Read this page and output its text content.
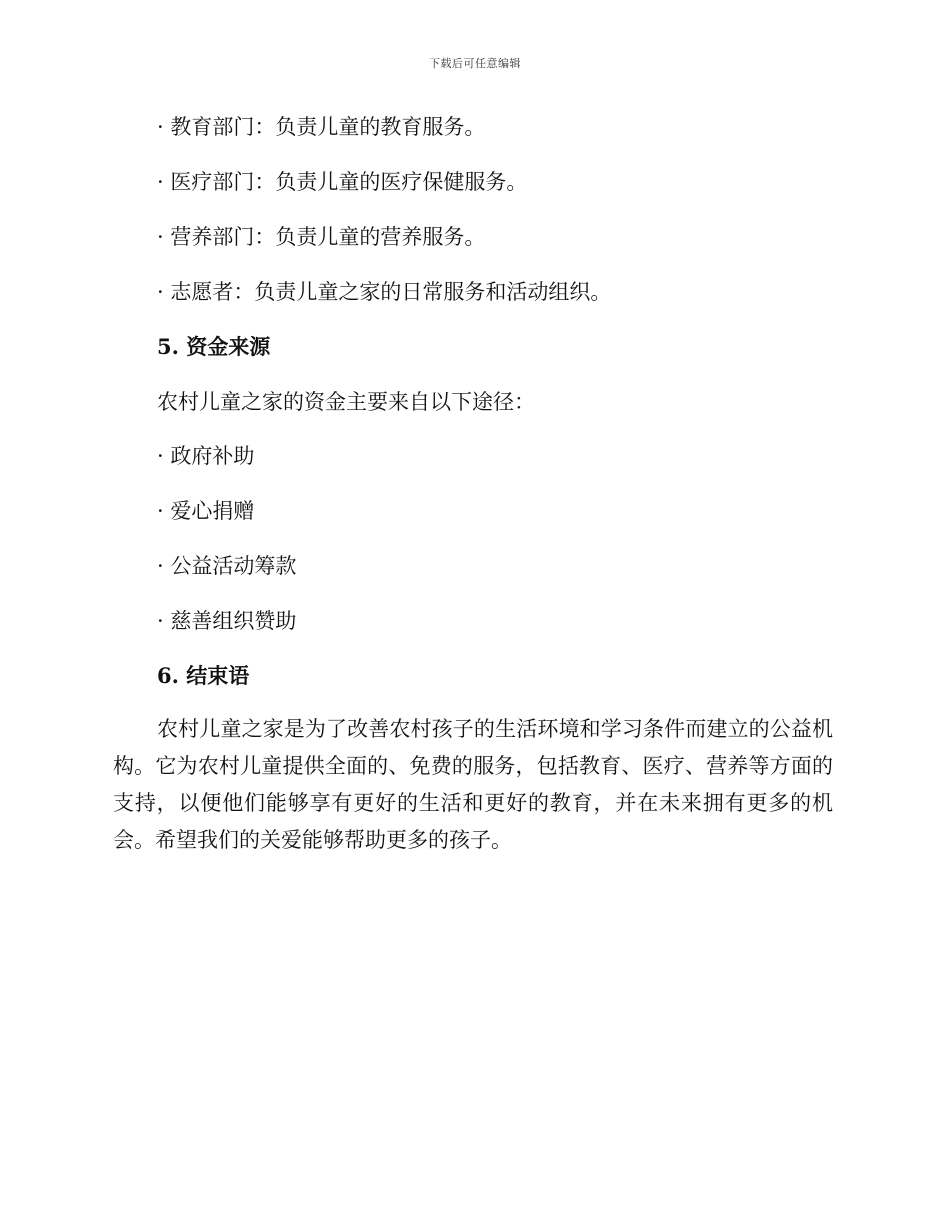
下载后可任意编辑
· 教育部门：负责儿童的教育服务。
· 医疗部门：负责儿童的医疗保健服务。
· 营养部门：负责儿童的营养服务。
· 志愿者：负责儿童之家的日常服务和活动组织。
5. 资金来源
农村儿童之家的资金主要来自以下途径：
· 政府补助
· 爱心捐赠
· 公益活动筹款
· 慈善组织赞助
6. 结束语
农村儿童之家是为了改善农村孩子的生活环境和学习条件而建立的公益机构。它为农村儿童提供全面的、免费的服务，包括教育、医疗、营养等方面的支持，以便他们能够享有更好的生活和更好的教育，并在未来拥有更多的机会。希望我们的关爱能够帮助更多的孩子。
